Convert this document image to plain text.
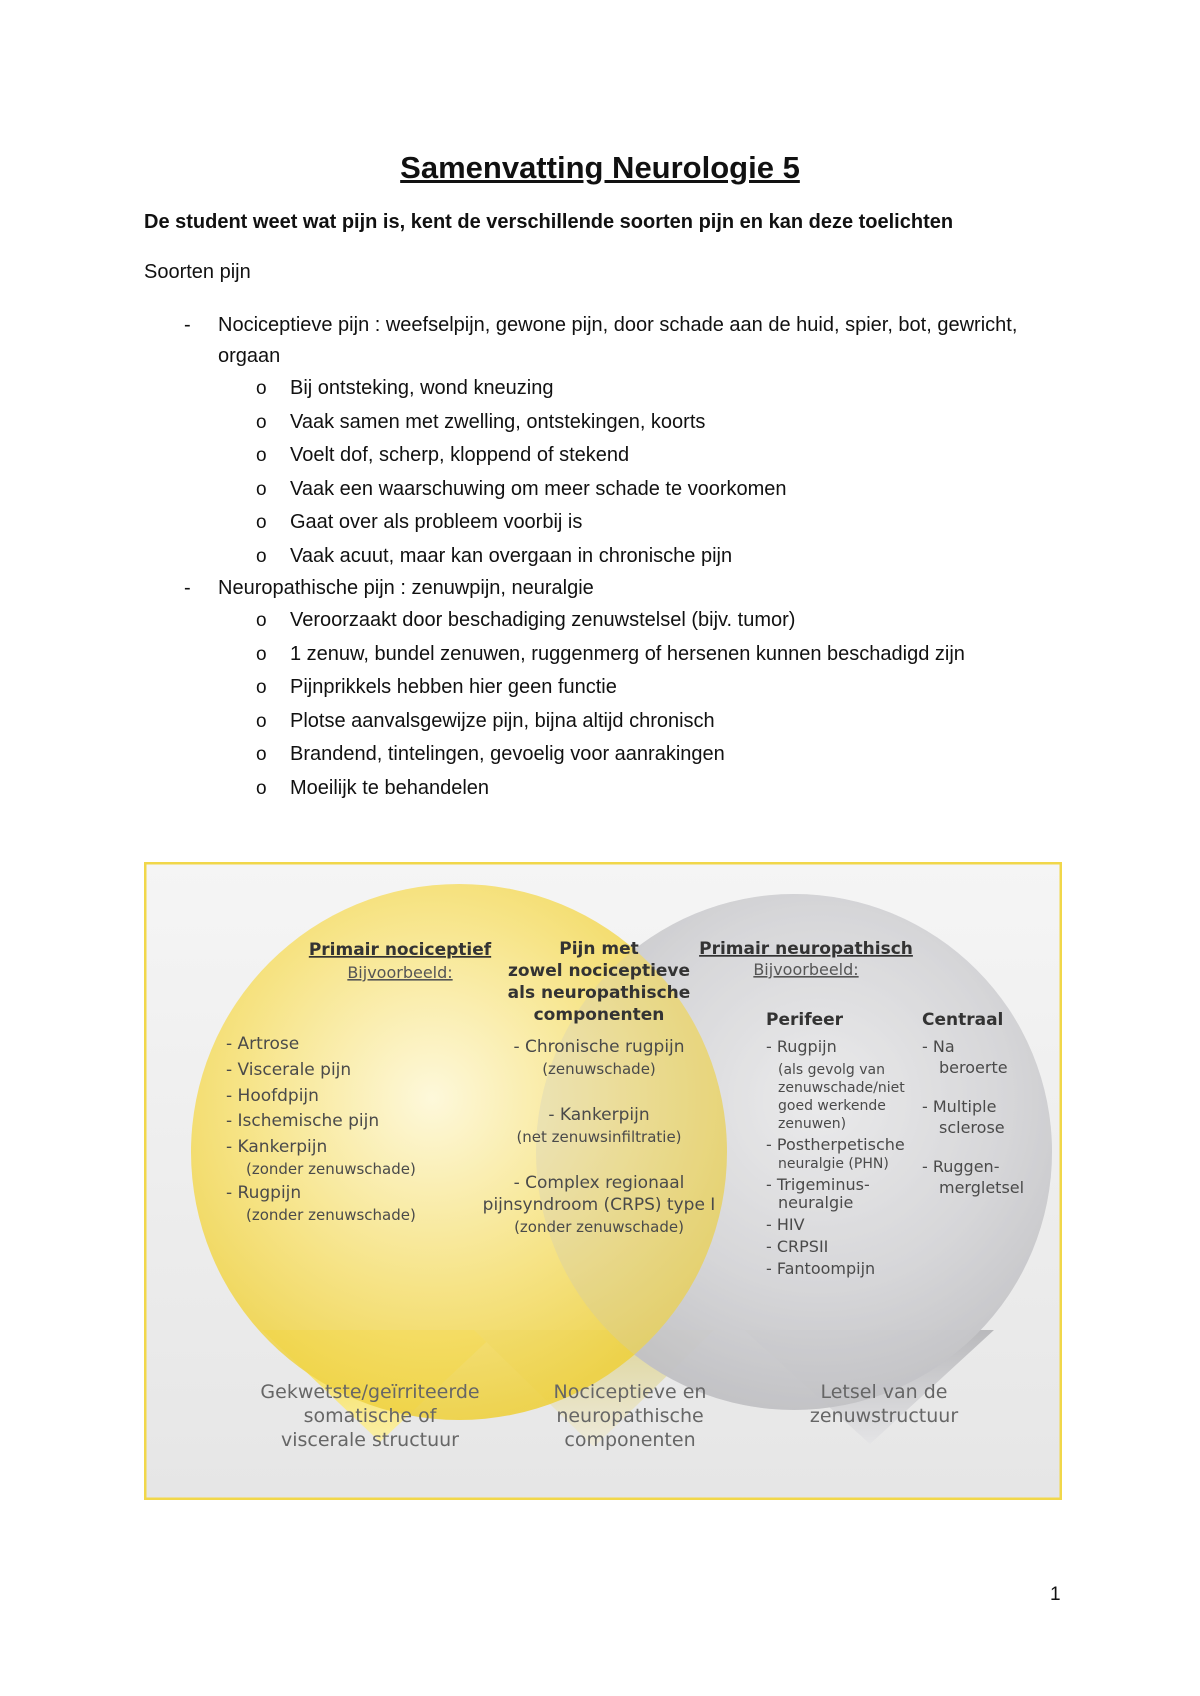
Samenvatting Neurologie 5
De student weet wat pijn is, kent de verschillende soorten pijn en kan deze toelichten
Soorten pijn
- Nociceptieve pijn : weefselpijn, gewone pijn, door schade aan de huid, spier, bot, gewricht, orgaan
o Bij ontsteking, wond kneuzing
o Vaak samen met zwelling, ontstekingen, koorts
o Voelt dof, scherp, kloppend of stekend
o Vaak een waarschuwing om meer schade te voorkomen
o Gaat over als probleem voorbij is
o Vaak acuut, maar kan overgaan in chronische pijn
- Neuropathische pijn : zenuwpijn, neuralgie
o Veroorzaakt door beschadiging zenuwstelsel (bijv. tumor)
o 1 zenuw, bundel zenuwen, ruggenmerg of hersenen kunnen beschadigd zijn
o Pijnprikkels hebben hier geen functie
o Plotse aanvalsgewijze pijn, bijna altijd chronisch
o Brandend, tintelingen, gevoelig voor aanrakingen
o Moeilijk te behandelen
Primair nociceptief
Bijvoorbeeld:
- Artrose
- Viscerale pijn
- Hoofdpijn
- Ischemische pijn
- Kankerpijn
(zonder zenuwschade)
- Rugpijn
(zonder zenuwschade)
Pijn met
zowel nociceptieve
als neuropathische
componenten
- Chronische rugpijn
(zenuwschade)
- Kankerpijn
(net zenuwsinfiltratie)
- Complex regionaal
pijnsyndroom (CRPS) type I
(zonder zenuwschade)
Primair neuropathisch
Bijvoorbeeld:
Perifeer
- Rugpijn
(als gevolg van
zenuwschade/niet
goed werkende
zenuwen)
- Postherpetische
neuralgie (PHN)
- Trigeminus-
neuralgie
- HIV
- CRPSII
- Fantoompijn
Centraal
- Na
beroerte
- Multiple
sclerose
- Ruggen-
mergletsel
Gekwetste/geïrriteerde
somatische of
viscerale structuur
Nociceptieve en
neuropathische
componenten
Letsel van de
zenuwstructuur
1
